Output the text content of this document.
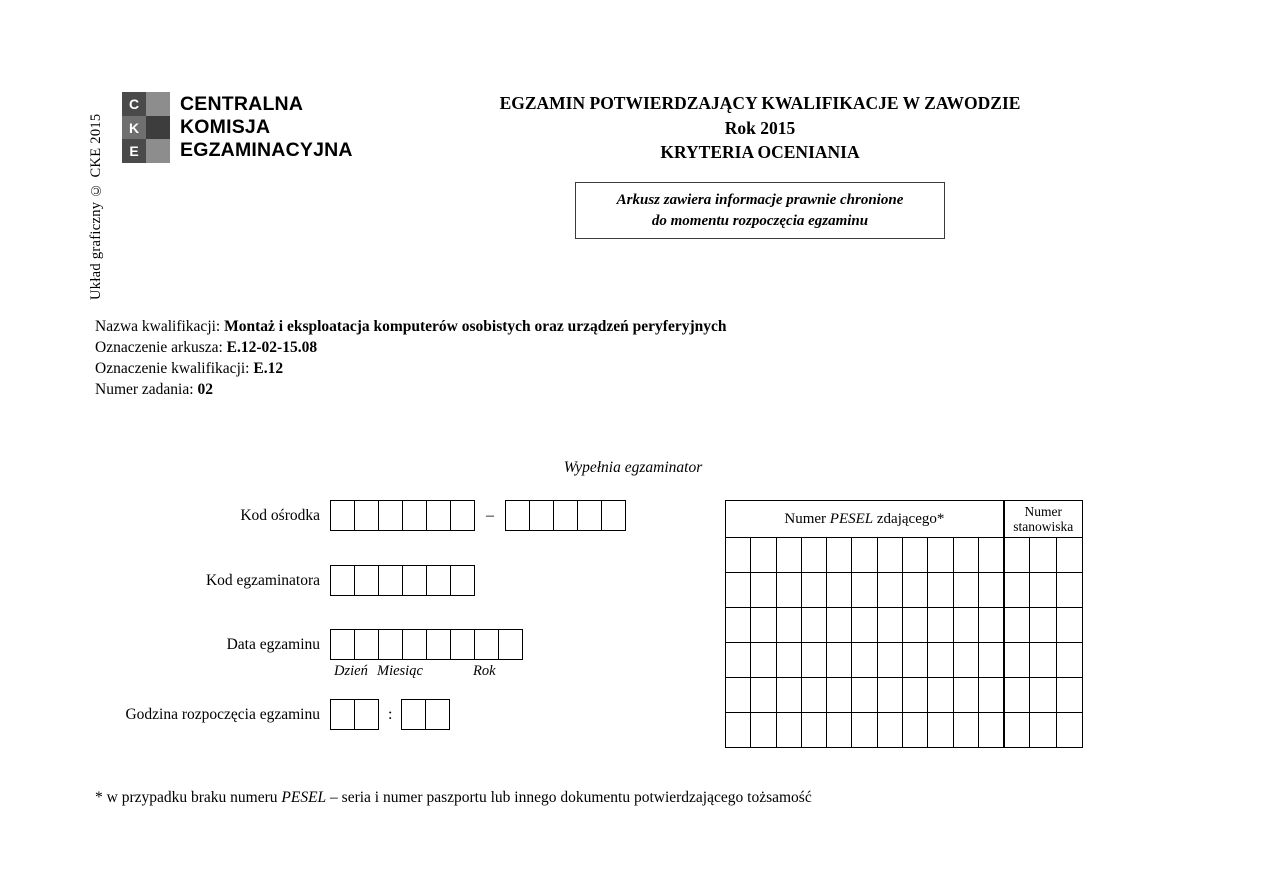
Układ graficzny © CKE 2015
C
K
E
CENTRALNA
KOMISJA
EGZAMINACYJNA
EGZAMIN POTWIERDZAJĄCY KWALIFIKACJE W ZAWODZIE
Rok 2015
KRYTERIA OCENIANIA
Arkusz zawiera informacje prawnie chronione
do momentu rozpoczęcia egzaminu
Nazwa kwalifikacji: Montaż i eksploatacja komputerów osobistych oraz urządzeń peryferyjnych
Oznaczenie arkusza: E.12-02-15.08
Oznaczenie kwalifikacji: E.12
Numer zadania: 02
Wypełnia egzaminator
Kod ośrodka	–
Kod egzaminatora
Data egzaminu
Dzień Miesiąc	Rok
Godzina rozpoczęcia egzaminu	:
Numer PESEL zdającego*											Numer
stanowiska		

* w przypadku braku numeru PESEL – seria i numer paszportu lub innego dokumentu potwierdzającego tożsamość
